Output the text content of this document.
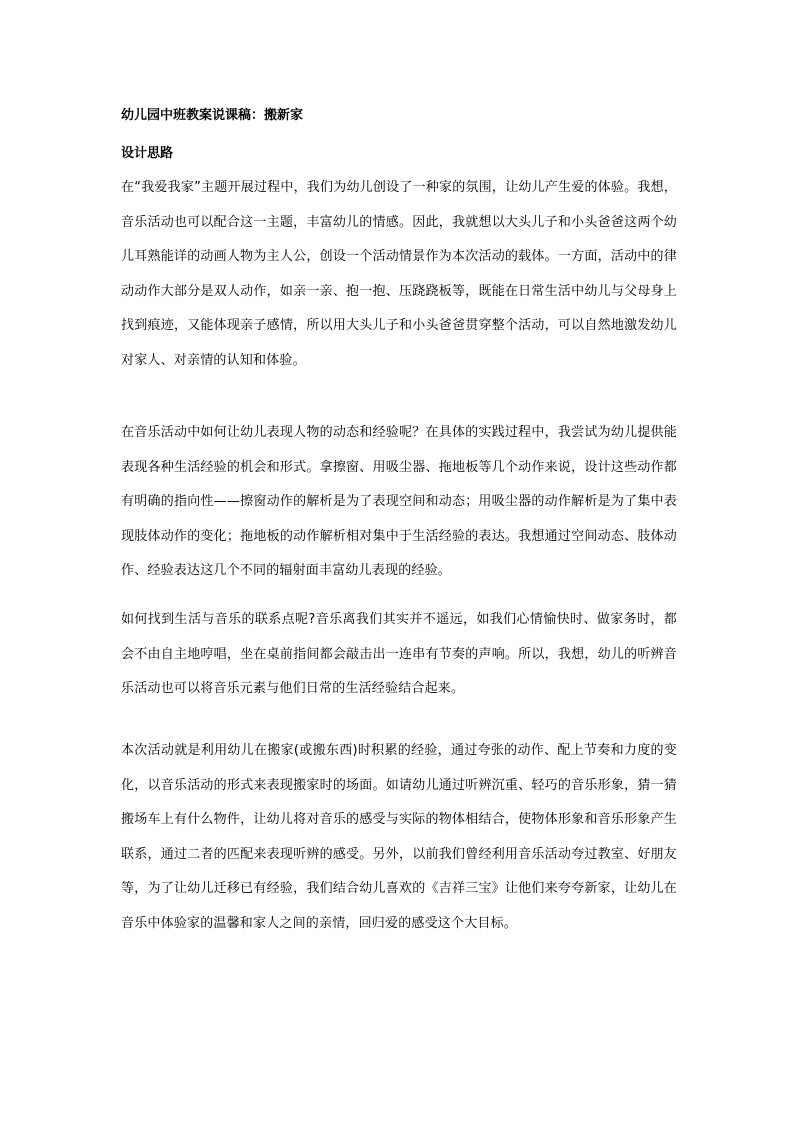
幼儿园中班教案说课稿：搬新家
设计思路

在“我爱我家”主题开展过程中，我们为幼儿创设了一种家的氛围，让幼儿产生爱的体验。我想，音乐活动也可以配合这一主题，丰富幼儿的情感。因此，我就想以大头儿子和小头爸爸这两个幼儿耳熟能详的动画人物为主人公，创设一个活动情景作为本次活动的载体。一方面，活动中的律动动作大部分是双人动作，如亲一亲、抱一抱、压跷跷板等，既能在日常生活中幼儿与父母身上找到痕迹，又能体现亲子感情，所以用大头儿子和小头爸爸贯穿整个活动，可以自然地激发幼儿对家人、对亲情的认知和体验。

在音乐活动中如何让幼儿表现人物的动态和经验呢？在具体的实践过程中，我尝试为幼儿提供能表现各种生活经验的机会和形式。拿擦窗、用吸尘器、拖地板等几个动作来说，设计这些动作都有明确的指向性——擦窗动作的解析是为了表现空间和动态；用吸尘器的动作解析是为了集中表现肢体动作的变化；拖地板的动作解析相对集中于生活经验的表达。我想通过空间动态、肢体动作、经验表达这几个不同的辐射面丰富幼儿表现的经验。

如何找到生活与音乐的联系点呢?音乐离我们其实并不遥远，如我们心情愉快时、做家务时，都会不由自主地哼唱，坐在桌前指间都会敲击出一连串有节奏的声响。所以，我想，幼儿的听辨音乐活动也可以将音乐元素与他们日常的生活经验结合起来。

本次活动就是利用幼儿在搬家(或搬东西)时积累的经验，通过夸张的动作、配上节奏和力度的变化，以音乐活动的形式来表现搬家时的场面。如请幼儿通过听辨沉重、轻巧的音乐形象，猜一猜搬场车上有什么物件，让幼儿将对音乐的感受与实际的物体相结合，使物体形象和音乐形象产生联系，通过二者的匹配来表现听辨的感受。另外，以前我们曾经利用音乐活动夸过教室、好朋友等，为了让幼儿迁移已有经验，我们结合幼儿喜欢的《吉祥三宝》让他们来夸夸新家，让幼儿在音乐中体验家的温馨和家人之间的亲情，回归爱的感受这个大目标。
